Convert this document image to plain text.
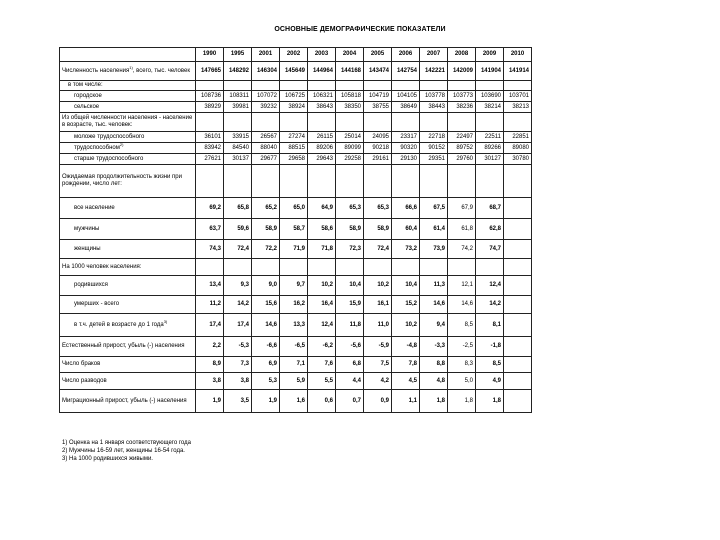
ОСНОВНЫЕ ДЕМОГРАФИЧЕСКИЕ ПОКАЗАТЕЛИ
	1990	1995	2001	2002	2003	2004	2005	2006	2007	2008	2009	2010
Численность населения$^{1)}$, всего, тыс. человек	147665	148292	146304	145649	144964	144168	143474	142754	142221	142009	141904	141914
в том числе:												
городское	108736	108311	107072	106725	106321	105818	104719	104105	103778	103773	103690	103701
сельское	38929	39981	39232	38924	38643	38350	38755	38649	38443	38236	38214	38213
Из общей численности населения - население в возрасте, тыс. человек:												
моложе трудоспособного	36101	33915	26567	27274	26115	25014	24095	23317	22718	22497	22511	22851
трудоспособном$^{2)}$	83942	84540	88040	88515	89206	89099	90218	90320	90152	89752	89266	89080
старше трудоспособного	27621	30137	29677	29658	29643	29258	29161	29130	29351	29760	30127	30780
Ожидаемая продолжительность жизни при рождении, число лет:												
все население	69,2	65,8	65,2	65,0	64,9	65,3	65,3	66,6	67,5	67,9	68,7	
мужчины	63,7	59,6	58,9	58,7	58,6	58,9	58,9	60,4	61,4	61,8	62,8	
женщины	74,3	72,4	72,2	71,9	71,8	72,3	72,4	73,2	73,9	74,2	74,7	
На 1000 человек населения:												
родившихся	13,4	9,3	9,0	9,7	10,2	10,4	10,2	10,4	11,3	12,1	12,4	
умерших - всего	11,2	14,2	15,6	16,2	16,4	15,9	16,1	15,2	14,6	14,6	14,2	
в т.ч. детей в возрасте до 1 года$^{3)}$	17,4	17,4	14,6	13,3	12,4	11,8	11,0	10,2	9,4	8,5	8,1	
Естественный прирост, убыль (-) населения	2,2	-5,3	-6,6	-6,5	-6,2	-5,6	-5,9	-4,8	-3,3	-2,5	-1,8	
Число браков	8,9	7,3	6,9	7,1	7,6	6,8	7,5	7,8	8,8	8,3	8,5	
Число разводов	3,8	3,8	5,3	5,9	5,5	4,4	4,2	4,5	4,8	5,0	4,9	
Миграционный прирост, убыль (-) населения	1,9	3,5	1,9	1,6	0,6	0,7	0,9	1,1	1,8	1,8	1,8	
1) Оценка на 1 января соответствующего года
2) Мужчины 16-59 лет, женщины 16-54 года.
3) На 1000 родившихся живыми.
